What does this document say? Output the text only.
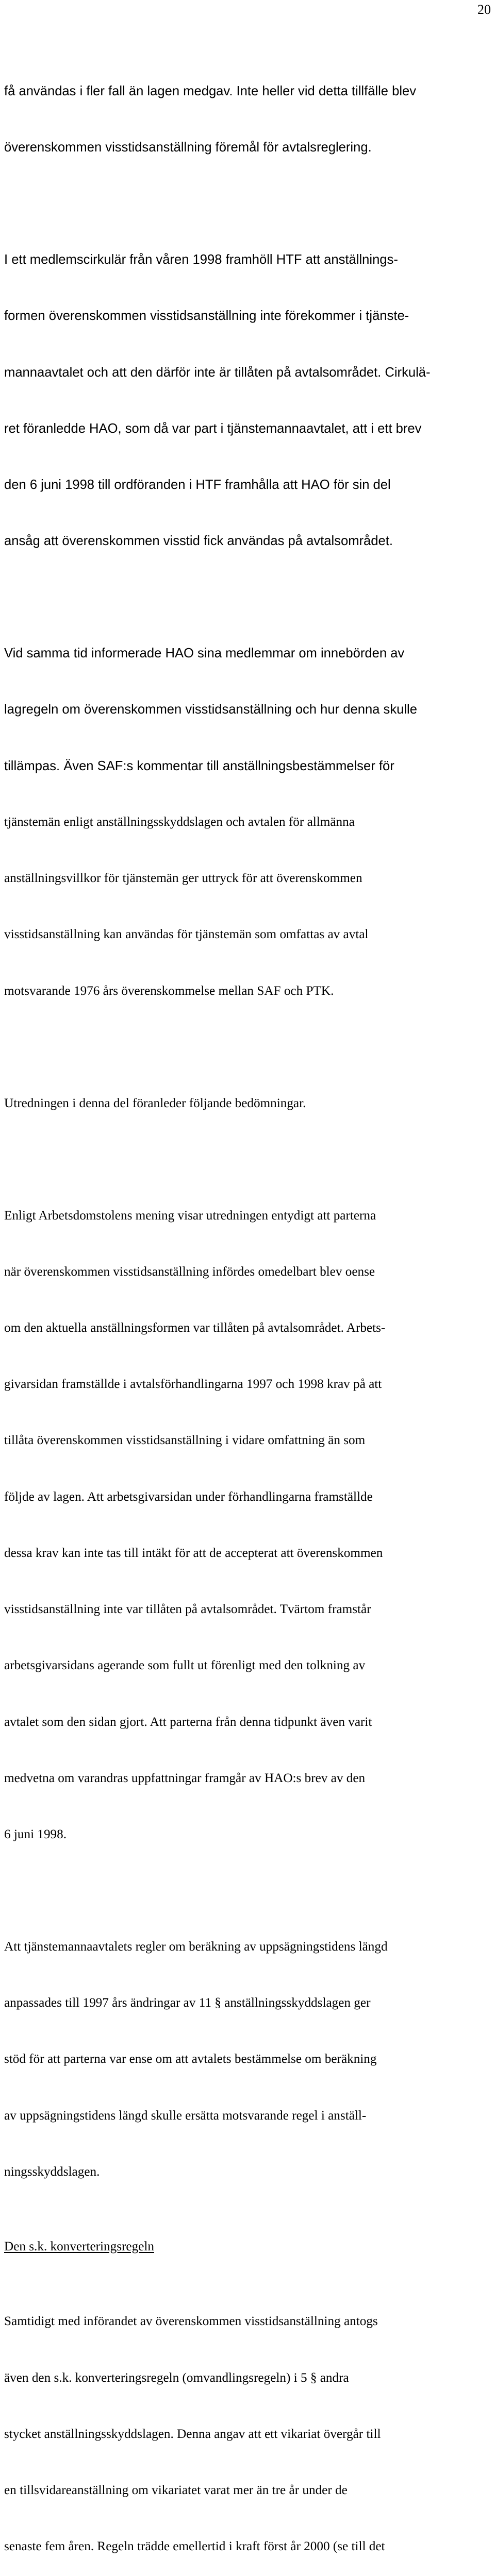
20

få användas i fler fall än lagen medgav. Inte heller vid detta tillfälle blev

överenskommen visstidsanställning föremål för avtalsreglering.

I ett medlemscirkulär från våren 1998 framhöll HTF att anställnings-

formen överenskommen visstidsanställning inte förekommer i tjänste-

mannaavtalet och att den därför inte är tillåten på avtalsområdet. Cirkulä-

ret föranledde HAO, som då var part i tjänstemannaavtalet, att i ett brev

den 6 juni 1998 till ordföranden i HTF framhålla att HAO för sin del

ansåg att överenskommen visstid fick användas på avtalsområdet.

Vid samma tid informerade HAO sina medlemmar om innebörden av

lagregeln om överenskommen visstidsanställning och hur denna skulle

tillämpas. Även SAF:s kommentar till anställningsbestämmelser för

tjänstemän enligt anställningsskyddslagen och avtalen för allmänna

anställningsvillkor för tjänstemän ger uttryck för att överenskommen

visstidsanställning kan användas för tjänstemän som omfattas av avtal

motsvarande 1976 års överenskommelse mellan SAF och PTK.

Utredningen i denna del föranleder följande bedömningar.

Enligt Arbetsdomstolens mening visar utredningen entydigt att parterna

när överenskommen visstidsanställning infördes omedelbart blev oense

om den aktuella anställningsformen var tillåten på avtalsområdet. Arbets-

givarsidan framställde i avtalsförhandlingarna 1997 och 1998 krav på att

tillåta överenskommen visstidsanställning i vidare omfattning än som

följde av lagen. Att arbetsgivarsidan under förhandlingarna framställde

dessa krav kan inte tas till intäkt för att de accepterat att överenskommen

visstidsanställning inte var tillåten på avtalsområdet. Tvärtom framstår

arbetsgivarsidans agerande som fullt ut förenligt med den tolkning av

avtalet som den sidan gjort. Att parterna från denna tidpunkt även varit

medvetna om varandras uppfattningar framgår av HAO:s brev av den

6 juni 1998.

Att tjänstemannaavtalets regler om beräkning av uppsägningstidens längd

anpassades till 1997 års ändringar av 11 § anställningsskyddslagen ger

stöd för att parterna var ense om att avtalets bestämmelse om beräkning

av uppsägningstidens längd skulle ersätta motsvarande regel i anställ-

ningsskyddslagen.

Den s.k. konverteringsregeln

Samtidigt med införandet av överenskommen visstidsanställning antogs

även den s.k. konverteringsregeln (omvandlingsregeln) i 5 § andra

stycket anställningsskyddslagen. Denna angav att ett vikariat övergår till

en tillsvidareanställning om vikariatet varat mer än tre år under de

senaste fem åren. Regeln trädde emellertid i kraft först år 2000 (se till det
